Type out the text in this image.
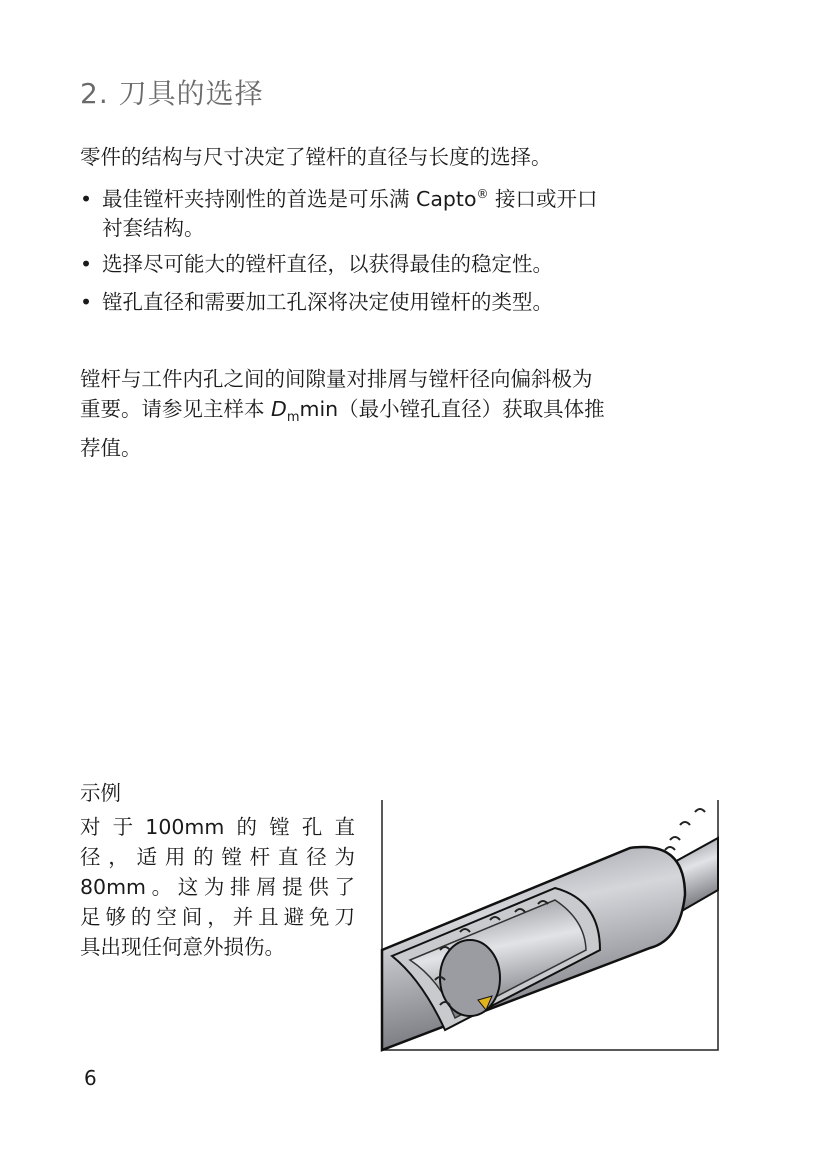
2. 刀具的选择
零件的结构与尺寸决定了镗杆的直径与长度的选择。
• 最佳镗杆夹持刚性的首选是可乐满 Capto® 接口或开口
衬套结构。
• 选择尽可能大的镗杆直径，以获得最佳的稳定性。
• 镗孔直径和需要加工孔深将决定使用镗杆的类型。
镗杆与工件内孔之间的间隙量对排屑与镗杆径向偏斜极为
重要。请参见主样本 $D_m\min$（最小镗孔直径）获取具体推
荐值。
示例
对于100mm的镗孔直
径，适用的镗杆直径为
80mm。这为排屑提供了
足够的空间，并且避免刀
具出现任何意外损伤。
6
